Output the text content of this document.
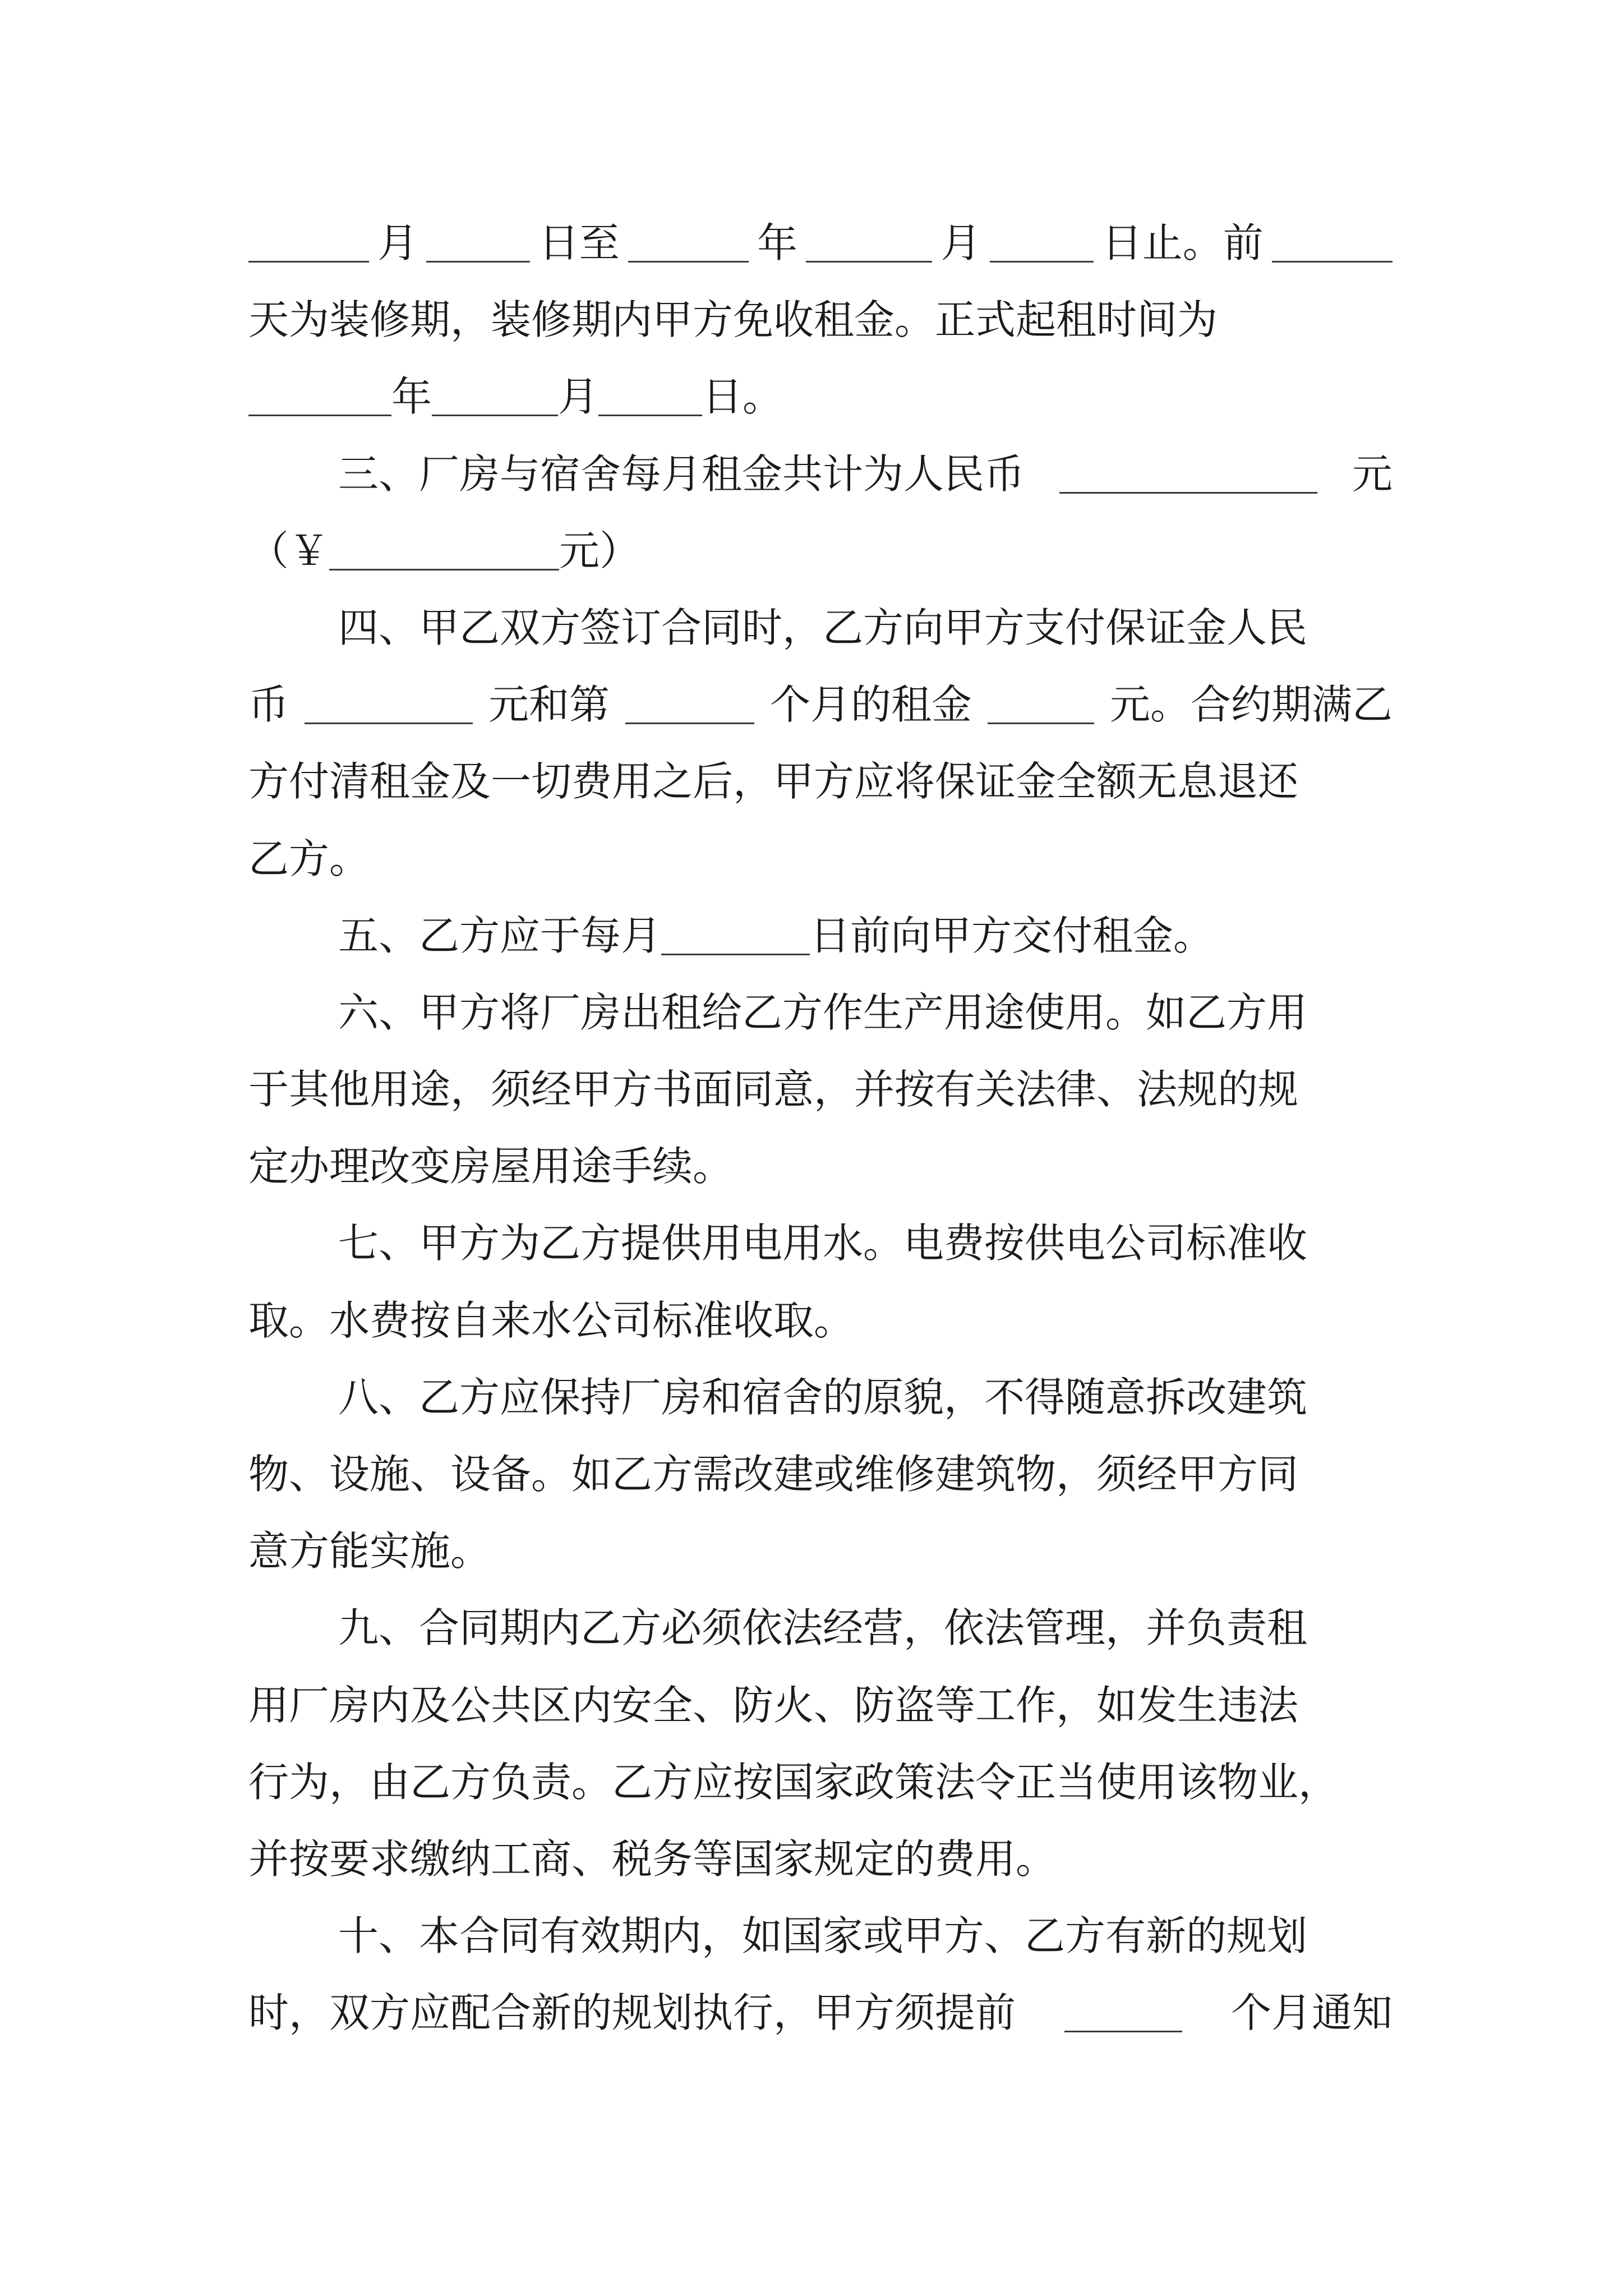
月	日至	年	月	日止。前
天为装修期，装修期内甲方免收租金。正式起租时间为
年	月	日。
三、厂房与宿舍每月租金共计为人民币	元
（￥	元）
四、甲乙双方签订合同时，乙方向甲方支付保证金人民
币	元和第	个月的租金	元。合约期满乙
方付清租金及一切费用之后，甲方应将保证金全额无息退还
乙方。
五、乙方应于每月	日前向甲方交付租金。
六、甲方将厂房出租给乙方作生产用途使用。如乙方用
于其他用途，须经甲方书面同意，并按有关法律、法规的规
定办理改变房屋用途手续。
七、甲方为乙方提供用电用水。电费按供电公司标准收
取。水费按自来水公司标准收取。
八、乙方应保持厂房和宿舍的原貌，不得随意拆改建筑
物、设施、设备。如乙方需改建或维修建筑物，须经甲方同
意方能实施。
九、合同期内乙方必须依法经营，依法管理，并负责租
用厂房内及公共区内安全、防火、防盗等工作，如发生违法
行为，由乙方负责。乙方应按国家政策法令正当使用该物业，
并按要求缴纳工商、税务等国家规定的费用。
十、本合同有效期内，如国家或甲方、乙方有新的规划
时，双方应配合新的规划执行，甲方须提前	个月通知
